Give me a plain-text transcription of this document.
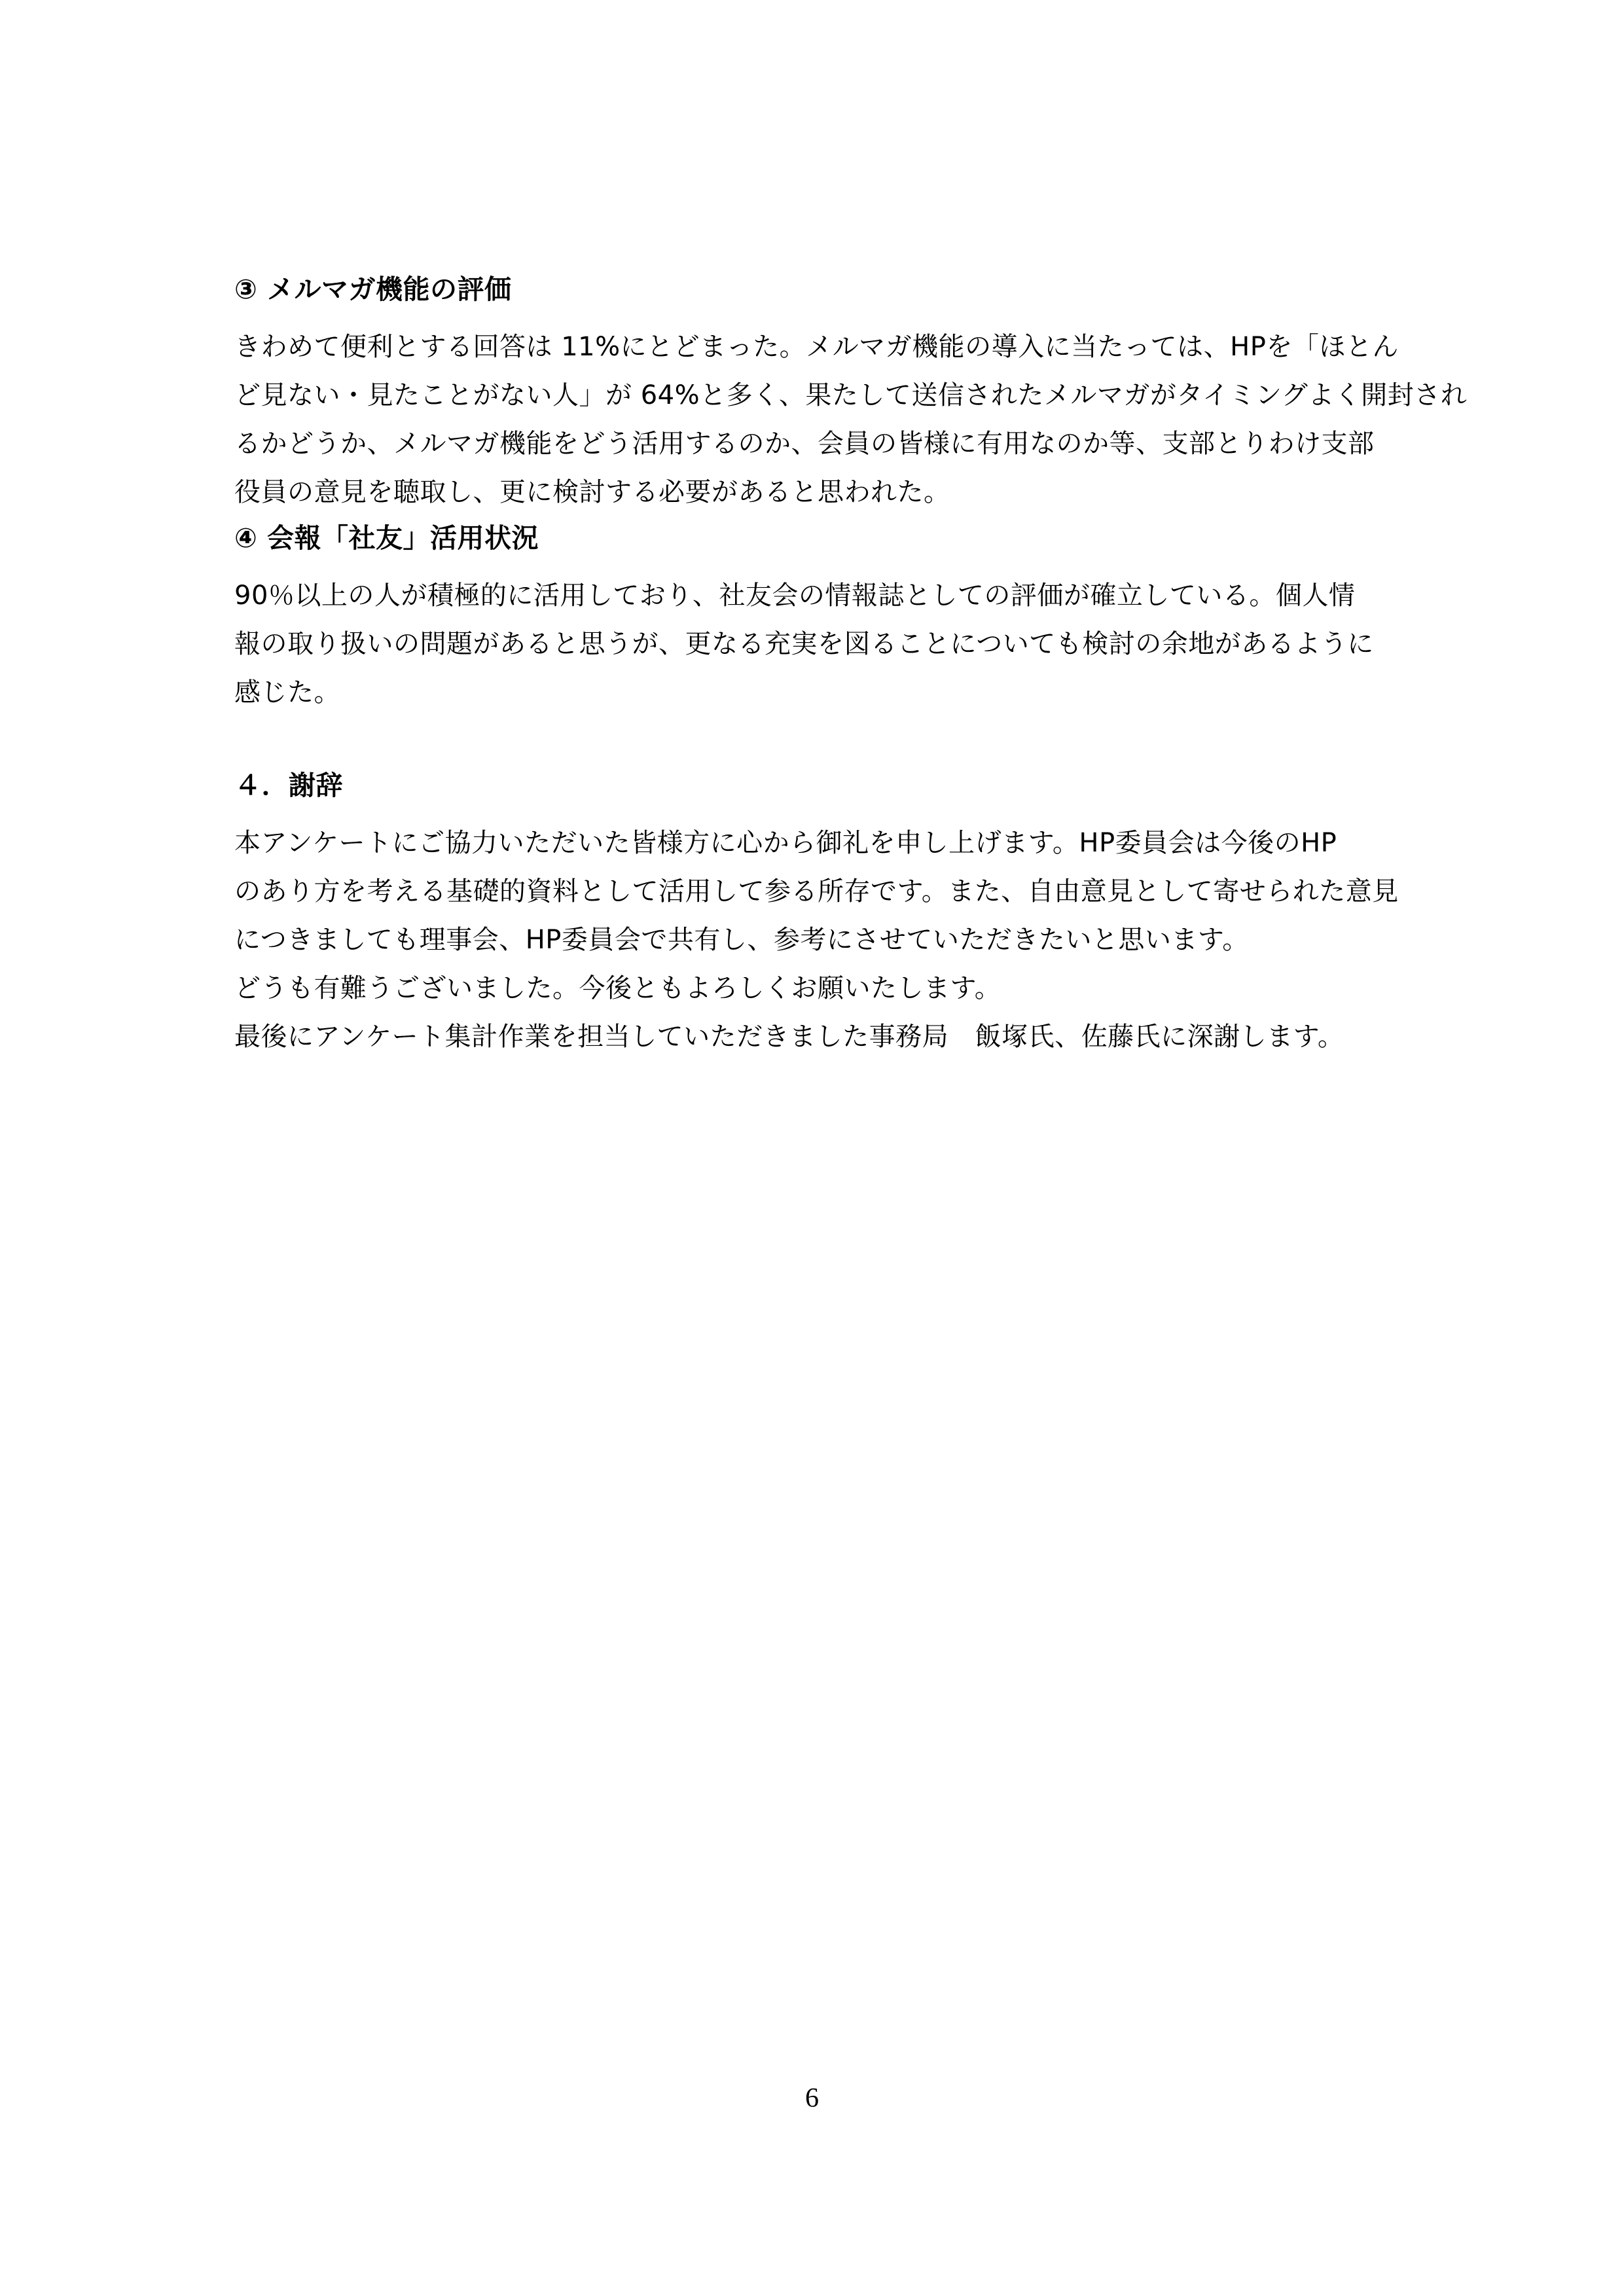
③ メルマガ機能の評価
きわめて便利とする回答は 11%にとどまった。メルマガ機能の導入に当たっては、HPを「ほとん
ど見ない・見たことがない人」が 64%と多く、果たして送信されたメルマガがタイミングよく開封され
るかどうか、メルマガ機能をどう活用するのか、会員の皆様に有用なのか等、支部とりわけ支部
役員の意見を聴取し、更に検討する必要があると思われた。
④ 会報「社友」活用状況
90％以上の人が積極的に活用しており、社友会の情報誌としての評価が確立している。個人情
報の取り扱いの問題があると思うが、更なる充実を図ることについても検討の余地があるように
感じた。
４．謝辞
本アンケートにご協力いただいた皆様方に心から御礼を申し上げます。HP委員会は今後のHP
のあり方を考える基礎的資料として活用して参る所存です。また、自由意見として寄せられた意見
につきましても理事会、HP委員会で共有し、参考にさせていただきたいと思います。
どうも有難うございました。今後ともよろしくお願いたします。
最後にアンケート集計作業を担当していただきました事務局　飯塚氏、佐藤氏に深謝します。
6
